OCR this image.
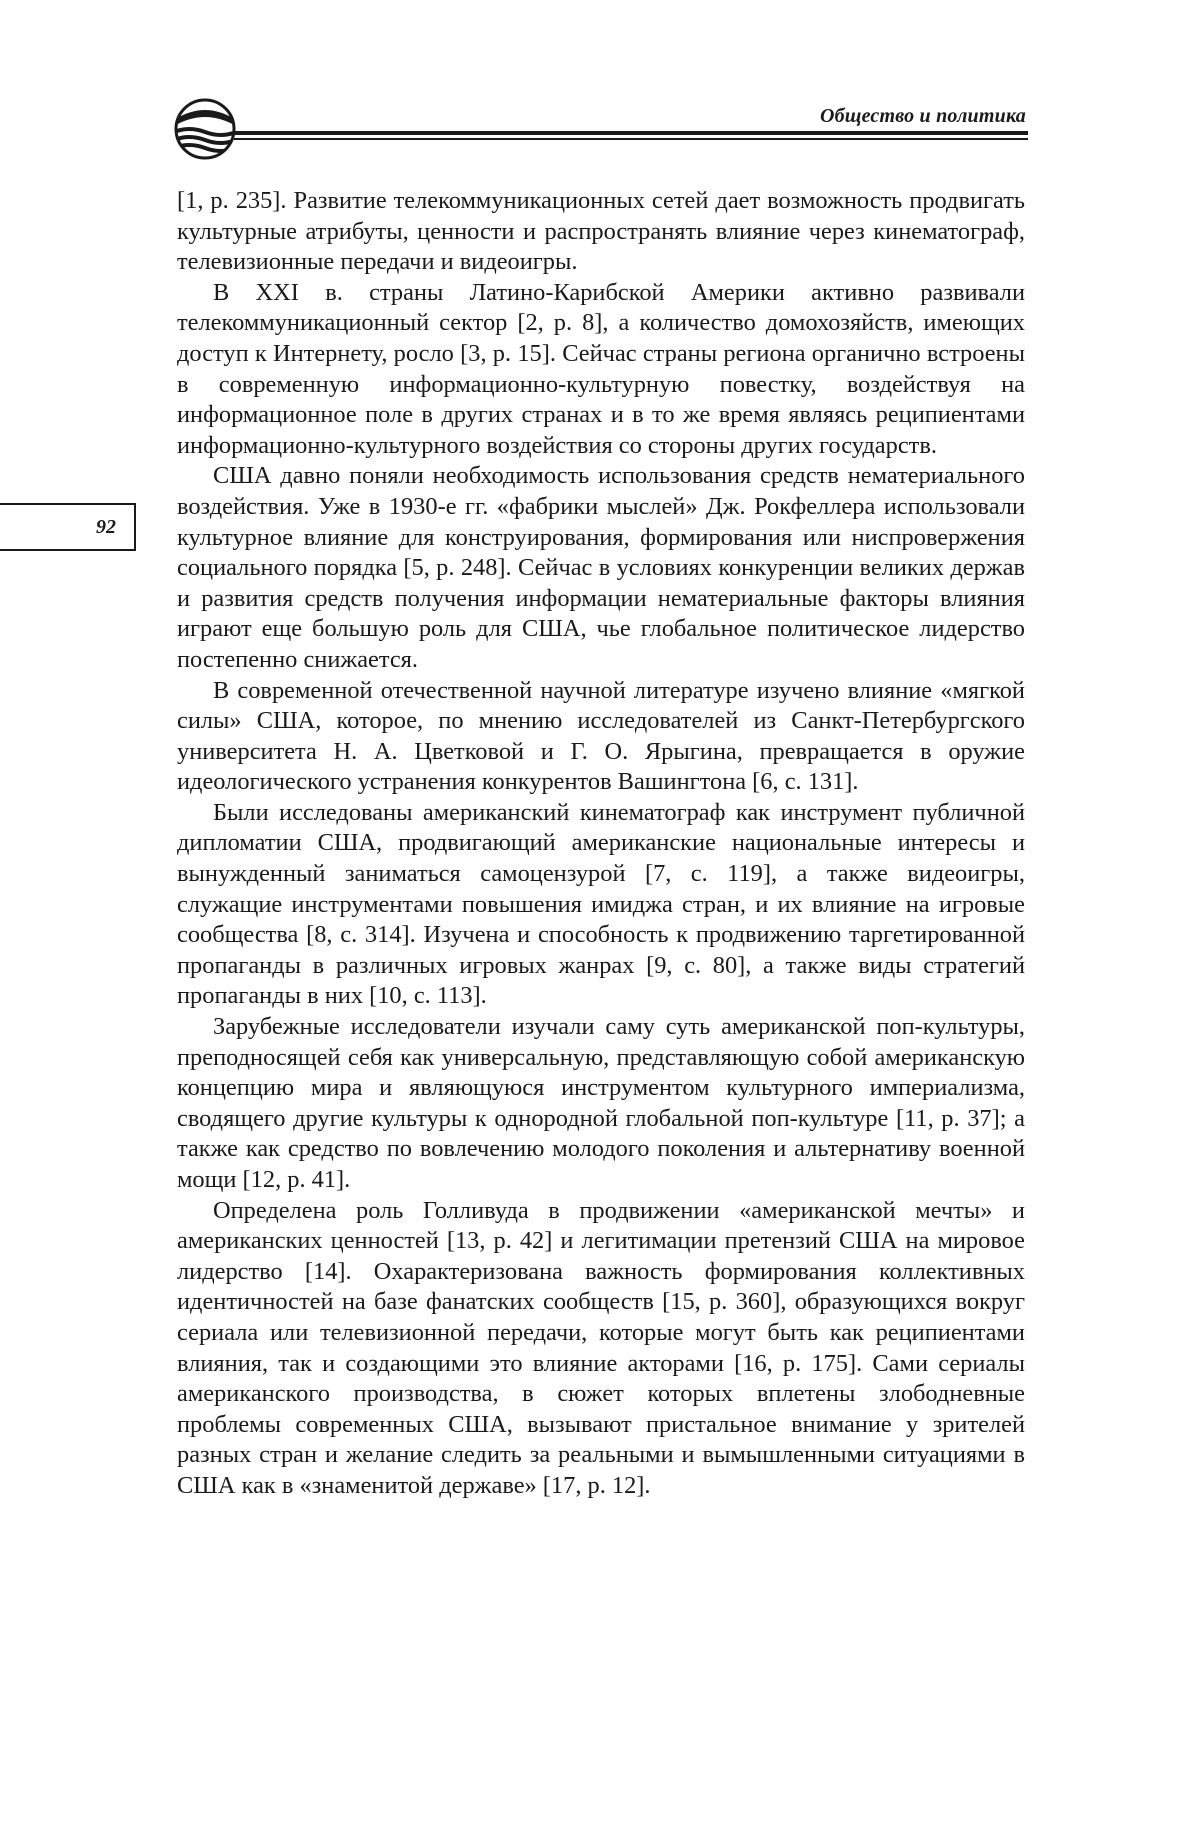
Общество и политика
92

[1, p. 235]. Развитие телекоммуникационных сетей дает возможность продвигать культурные атрибуты, ценности и распространять влияние через кинематограф, телевизионные передачи и видеоигры.

В XXI в. страны Латино-Карибской Америки активно развивали телекоммуникационный сектор [2, p. 8], а количество домохозяйств, имеющих доступ к Интернету, росло [3, p. 15]. Сейчас страны региона органично встроены в современную информационно-культурную повестку, воздействуя на информационное поле в других странах и в то же время являясь реципиентами информационно-культурного воздействия со стороны других государств.

США давно поняли необходимость использования средств нематериального воздействия. Уже в 1930-е гг. «фабрики мыслей» Дж. Рокфеллера использовали культурное влияние для конструирования, формирования или ниспровержения социального порядка [5, p. 248]. Сейчас в условиях конкуренции великих держав и развития средств получения информации нематериальные факторы влияния играют еще большую роль для США, чье глобальное политическое лидерство постепенно снижается.

В современной отечественной научной литературе изучено влияние «мягкой силы» США, которое, по мнению исследователей из Санкт-Петербургского университета Н. А. Цветковой и Г. О. Ярыгина, превращается в оружие идеологического устранения конкурентов Вашингтона [6, с. 131].

Были исследованы американский кинематограф как инструмент публичной дипломатии США, продвигающий американские национальные интересы и вынужденный заниматься самоцензурой [7, с. 119], а также видеоигры, служащие инструментами повышения имиджа стран, и их влияние на игровые сообщества [8, с. 314]. Изучена и способность к продвижению таргетированной пропаганды в различных игровых жанрах [9, с. 80], а также виды стратегий пропаганды в них [10, с. 113].

Зарубежные исследователи изучали саму суть американской поп-культуры, преподносящей себя как универсальную, представляющую собой американскую концепцию мира и являющуюся инструментом культурного империализма, сводящего другие культуры к однородной глобальной поп-культуре [11, p. 37]; а также как средство по вовлечению молодого поколения и альтернативу военной мощи [12, p. 41].

Определена роль Голливуда в продвижении «американской мечты» и американских ценностей [13, p. 42] и легитимации претензий США на мировое лидерство [14]. Охарактеризована важность формирования коллективных идентичностей на базе фанатских сообществ [15, p. 360], образующихся вокруг сериала или телевизионной передачи, которые могут быть как реципиентами влияния, так и создающими это влияние акторами [16, p. 175]. Сами сериалы американского производства, в сюжет которых вплетены злободневные проблемы современных США, вызывают пристальное внимание у зрителей разных стран и желание следить за реальными и вымышленными ситуациями в США как в «знаменитой державе» [17, p. 12].
